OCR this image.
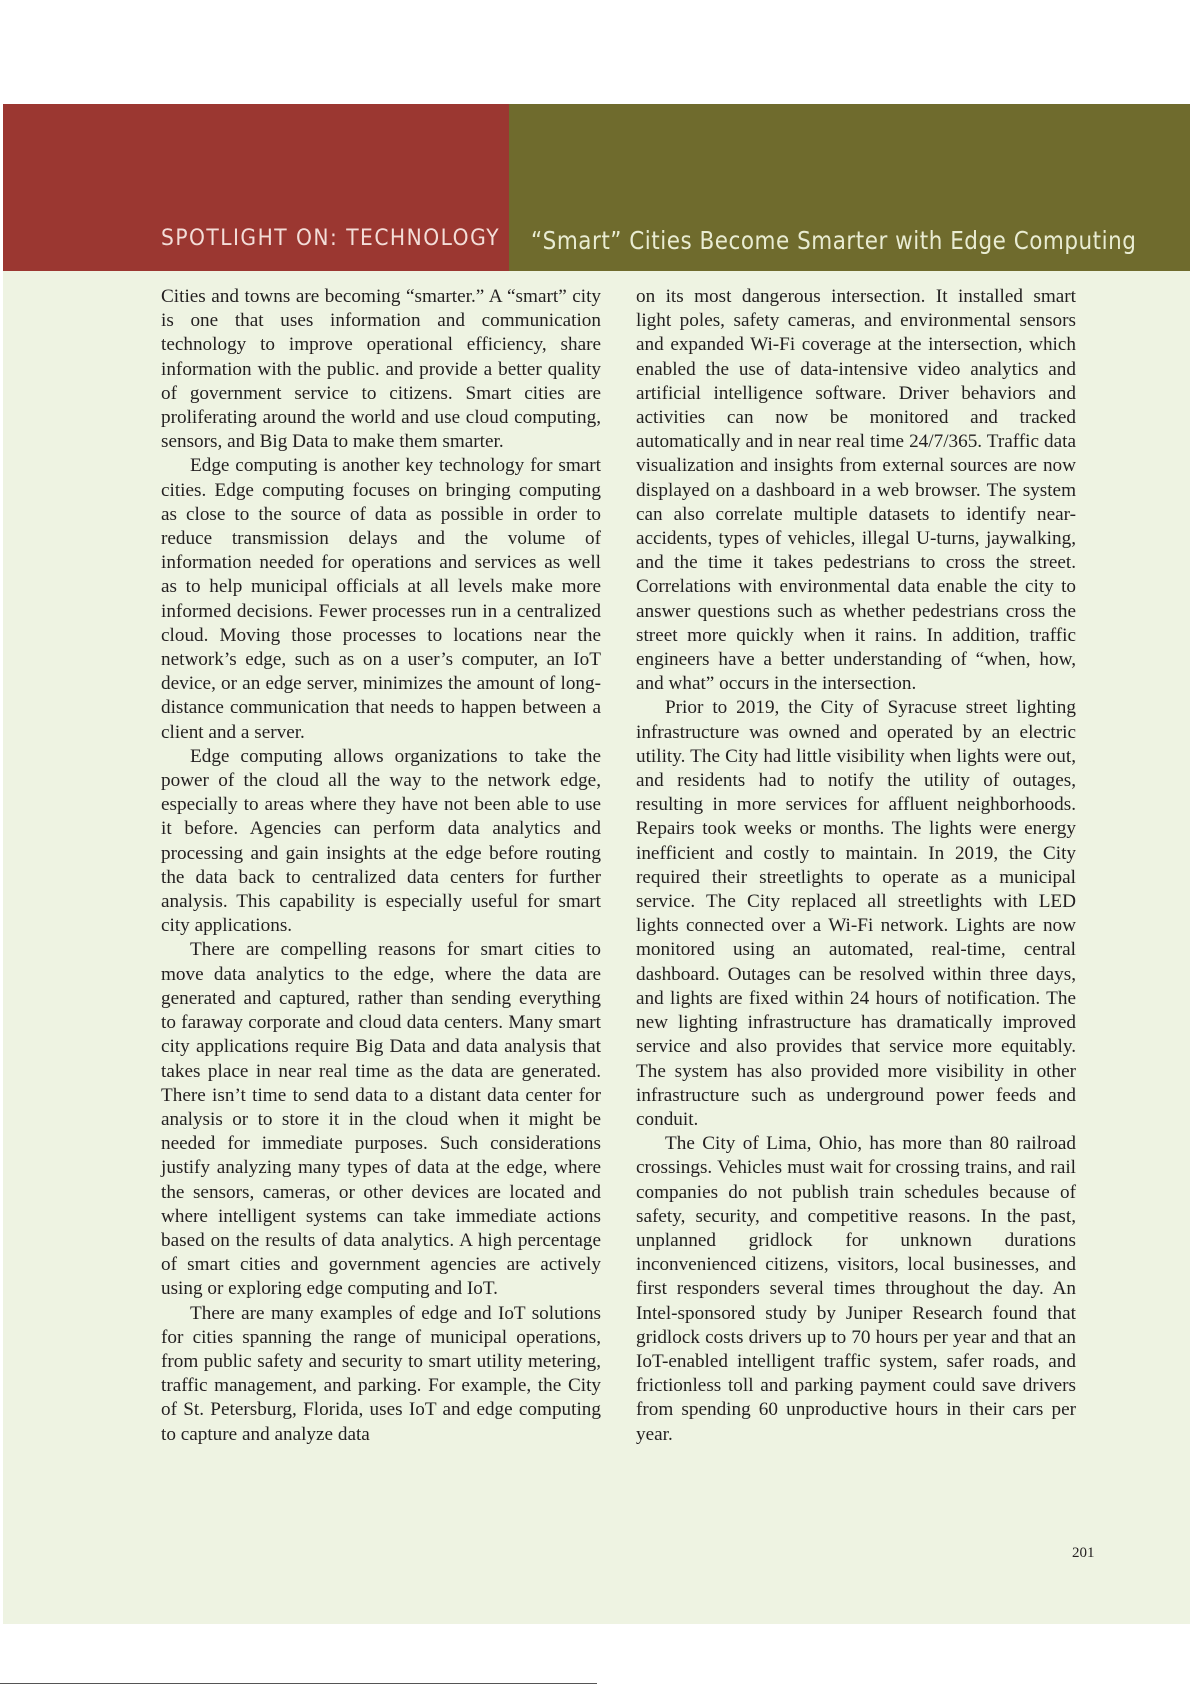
SPOTLIGHT ON: TECHNOLOGY “Smart” Cities Become Smarter with Edge Computing

Cities and towns are becoming “smarter.” A “smart” city is one that uses information and communication technology to improve operational efficiency, share information with the public. and provide a better quality of government service to citizens. Smart cities are proliferating around the world and use cloud computing, sensors, and Big Data to make them smarter.

Edge computing is another key technology for smart cities. Edge computing focuses on bringing computing as close to the source of data as possible in order to reduce transmission delays and the volume of information needed for operations and services as well as to help municipal officials at all levels make more informed decisions. Fewer processes run in a centralized cloud. Moving those processes to locations near the network’s edge, such as on a user’s computer, an IoT device, or an edge server, minimizes the amount of long-distance communication that needs to happen between a client and a server.

Edge computing allows organizations to take the power of the cloud all the way to the network edge, especially to areas where they have not been able to use it before. Agencies can perform data analytics and processing and gain insights at the edge before routing the data back to centralized data centers for further analysis. This capability is especially useful for smart city applications.

There are compelling reasons for smart cities to move data analytics to the edge, where the data are generated and captured, rather than sending everything to faraway corporate and cloud data centers. Many smart city applications require Big Data and data analysis that takes place in near real time as the data are generated. There isn’t time to send data to a distant data center for analysis or to store it in the cloud when it might be needed for immediate purposes. Such considerations justify analyzing many types of data at the edge, where the sensors, cameras, or other devices are located and where intelligent systems can take immediate actions based on the results of data analytics. A high percentage of smart cities and government agencies are actively using or exploring edge computing and IoT.

There are many examples of edge and IoT solutions for cities spanning the range of municipal operations, from public safety and security to smart utility metering, traffic management, and parking. For example, the City of St. Petersburg, Florida, uses IoT and edge computing to capture and analyze data

on its most dangerous intersection. It installed smart light poles, safety cameras, and environmental sensors and expanded Wi-Fi coverage at the intersection, which enabled the use of data-intensive video analytics and artificial intelligence software. Driver behaviors and activities can now be monitored and tracked automatically and in near real time 24/7/365. Traffic data visualization and insights from external sources are now displayed on a dashboard in a web browser. The system can also correlate multiple datasets to identify near-accidents, types of vehicles, illegal U-turns, jaywalking, and the time it takes pedestrians to cross the street. Correlations with environmental data enable the city to answer questions such as whether pedestrians cross the street more quickly when it rains. In addition, traffic engineers have a better understanding of “when, how, and what” occurs in the intersection.

Prior to 2019, the City of Syracuse street lighting infrastructure was owned and operated by an electric utility. The City had little visibility when lights were out, and residents had to notify the utility of outages, resulting in more services for affluent neighborhoods. Repairs took weeks or months. The lights were energy inefficient and costly to maintain. In 2019, the City required their streetlights to operate as a municipal service. The City replaced all streetlights with LED lights connected over a Wi-Fi network. Lights are now monitored using an automated, real-time, central dashboard. Outages can be resolved within three days, and lights are fixed within 24 hours of notification. The new lighting infrastructure has dramatically improved service and also provides that service more equitably. The system has also provided more visibility in other infrastructure such as underground power feeds and conduit.

The City of Lima, Ohio, has more than 80 railroad crossings. Vehicles must wait for crossing trains, and rail companies do not publish train schedules because of safety, security, and competitive reasons. In the past, unplanned gridlock for unknown durations inconvenienced citizens, visitors, local businesses, and first responders several times throughout the day. An Intel-sponsored study by Juniper Research found that gridlock costs drivers up to 70 hours per year and that an IoT-enabled intelligent traffic system, safer roads, and frictionless toll and parking payment could save drivers from spending 60 unproductive hours in their cars per year.

201
